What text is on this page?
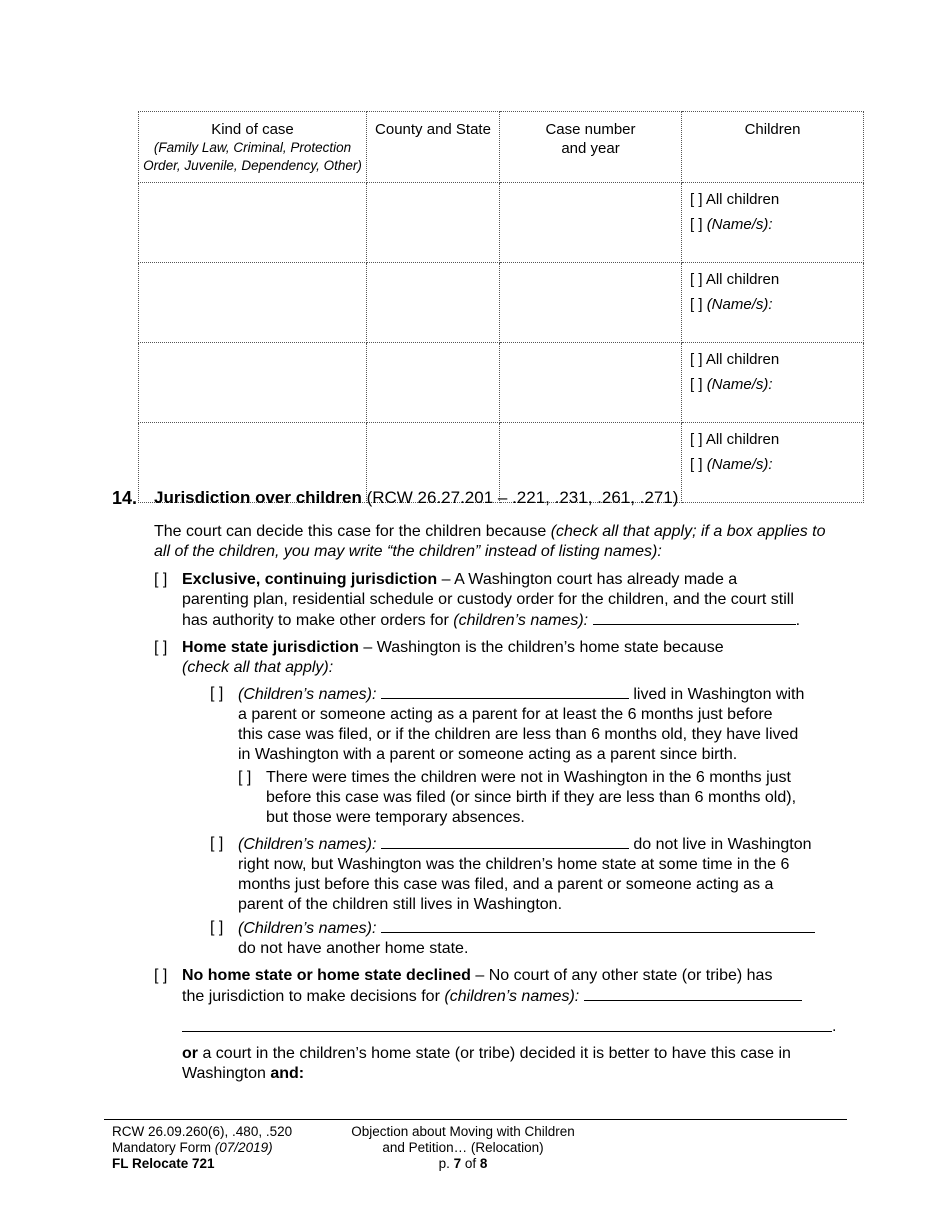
Kind of case
(Family Law, Criminal, Protection Order, Juvenile, Dependency, Other)	County and State	Case number and year	Children

			[ ] All children
[ ] (Name/s):

			[ ] All children
[ ] (Name/s):

			[ ] All children
[ ] (Name/s):

			[ ] All children
[ ] (Name/s):
14. Jurisdiction over children (RCW 26.27.201 – .221, .231, .261, .271)
The court can decide this case for the children because (check all that apply; if a box applies to all of the children, you may write “the children” instead of listing names):
[ ] Exclusive, continuing jurisdiction – A Washington court has already made a
parenting plan, residential schedule or custody order for the children, and the court still
has authority to make other orders for (children’s names):	.
[ ] Home state jurisdiction – Washington is the children’s home state because
(check all that apply):
[ ] (Children’s names):	lived in Washington with
a parent or someone acting as a parent for at least the 6 months just before
this case was filed, or if the children are less than 6 months old, they have lived
in Washington with a parent or someone acting as a parent since birth.
[ ] There were times the children were not in Washington in the 6 months just
before this case was filed (or since birth if they are less than 6 months old),
but those were temporary absences.
[ ] (Children’s names):	do not live in Washington
right now, but Washington was the children’s home state at some time in the 6
months just before this case was filed, and a parent or someone acting as a
parent of the children still lives in Washington.
[ ] (Children’s names):
do not have another home state.
[ ] No home state or home state declined – No court of any other state (or tribe) has
the jurisdiction to make decisions for (children’s names):
.
or a court in the children’s home state (or tribe) decided it is better to have this case in
Washington and:
RCW 26.09.260(6), .480, .520
Mandatory Form (07/2019)
FL Relocate 721
Objection about Moving with Children
and Petition… (Relocation)
p. 7 of 8
